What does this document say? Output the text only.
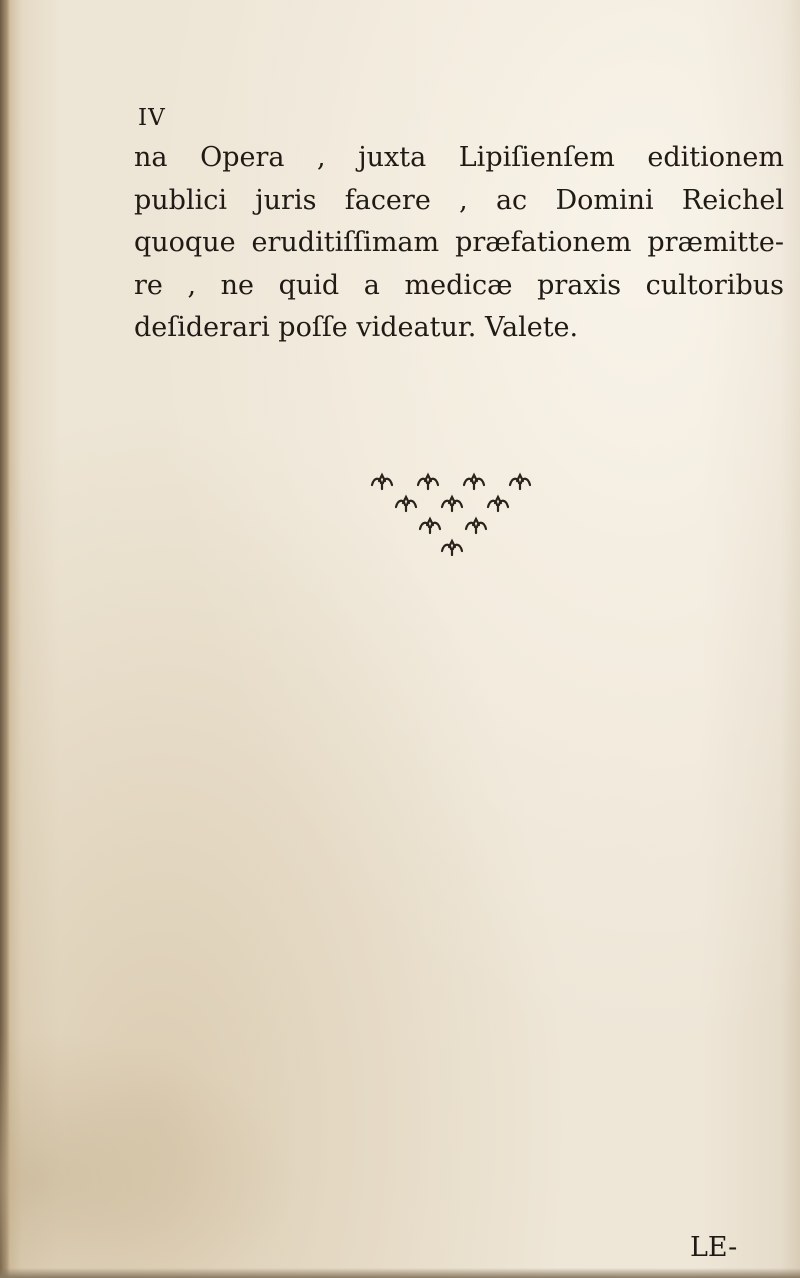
IV

na Opera , juxta Lipiſienſem editionem
publici juris facere , ac Domini Reichel
quoque eruditiſſimam præfationem præmitte-
re , ne quid a medicæ praxis cultoribus
deſiderari poſſe videatur. Valete.

LE-
